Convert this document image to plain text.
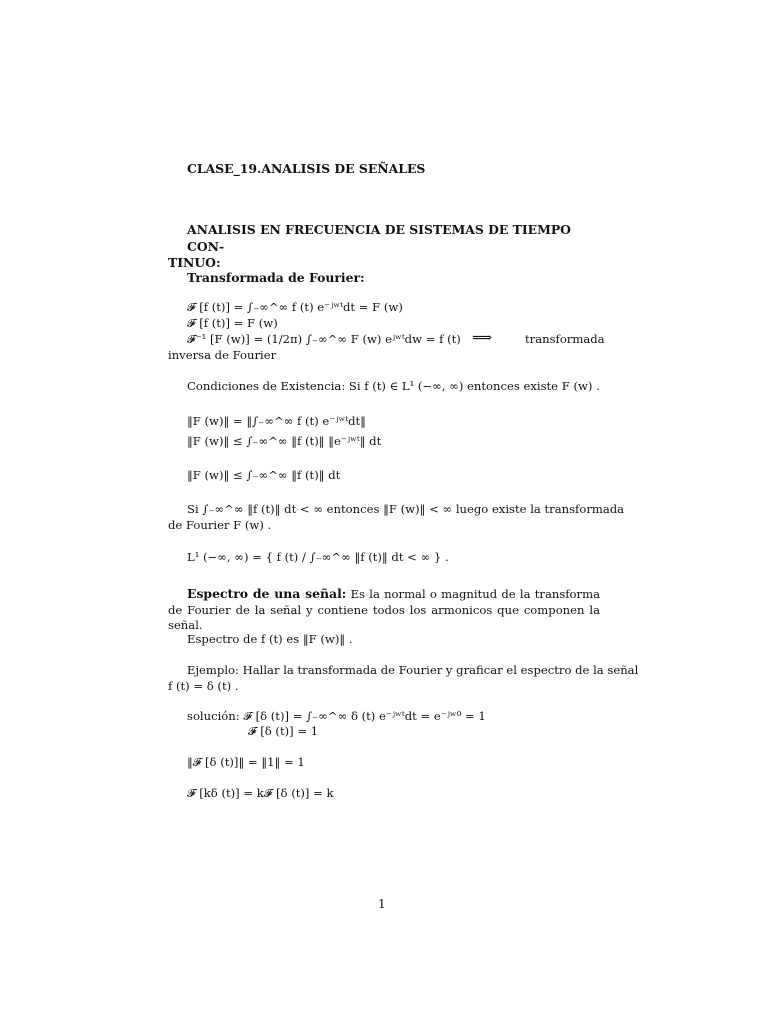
CLASE_19.ANALISIS DE SEÑALES
ANALISIS EN FRECUENCIA DE SISTEMAS DE TIEMPO CON-
TINUO:
Transformada de Fourier:
𝓕 [f (t)] = ∫₋∞^∞ f (t) e⁻ʲʷᵗdt = F (w)
𝓕 [f (t)] = F (w)
𝓕⁻¹ [F (w)] = (1/2π) ∫₋∞^∞ F (w) eʲʷᵗdw = f (t) ⟹	transformada
inversa de Fourier
Condiciones de Existencia: Si f (t) ∈ L¹ (−∞, ∞) entonces existe F (w) .
‖F (w)‖ = ‖∫₋∞^∞ f (t) e⁻ʲʷᵗdt‖
‖F (w)‖ ≤ ∫₋∞^∞ ‖f (t)‖ ‖e⁻ʲʷᵗ‖ dt
‖F (w)‖ ≤ ∫₋∞^∞ ‖f (t)‖ dt
Si ∫₋∞^∞ ‖f (t)‖ dt < ∞ entonces ‖F (w)‖ < ∞ luego existe la transformada
de Fourier F (w) .
L¹ (−∞, ∞) = { f (t) ∕ ∫₋∞^∞ ‖f (t)‖ dt < ∞ } .
Espectro de una señal: Es la normal o magnitud de la transforma de Fourier de la señal y contiene todos los armonicos que componen la señal.
Espectro de f (t) es ‖F (w)‖ .
Ejemplo: Hallar la transformada de Fourier y graficar el espectro de la señal
f (t) = δ (t) .
solución: 𝓕 [δ (t)] = ∫₋∞^∞ δ (t) e⁻ʲʷᵗdt = e⁻ʲʷ⁰ = 1
𝓕 [δ (t)] = 1
‖𝓕 [δ (t)]‖ = ‖1‖ = 1
𝓕 [kδ (t)] = k𝓕 [δ (t)] = k
1
